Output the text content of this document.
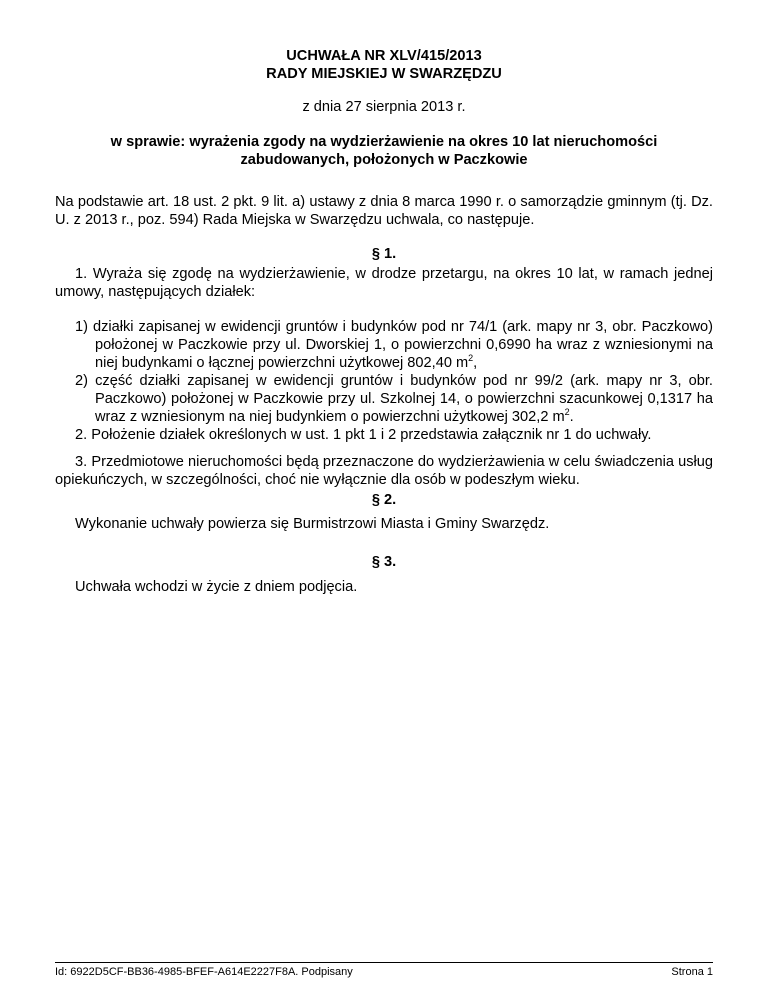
UCHWAŁA NR XLV/415/2013
RADY MIEJSKIEJ W SWARZĘDZU
z dnia 27 sierpnia 2013 r.
w sprawie: wyrażenia zgody na wydzierżawienie na okres 10 lat nieruchomości
zabudowanych, położonych w Paczkowie
Na podstawie art. 18 ust. 2 pkt. 9 lit. a) ustawy z dnia 8 marca 1990 r. o samorządzie gminnym (tj. Dz. U. z 2013 r., poz. 594) Rada Miejska w Swarzędzu uchwala, co następuje.
§ 1.
1. Wyraża się zgodę na wydzierżawienie, w drodze przetargu, na okres 10 lat, w ramach jednej umowy, następujących działek:
1) działki zapisanej w ewidencji gruntów i budynków pod nr 74/1 (ark. mapy nr 3, obr. Paczkowo) położonej w Paczkowie przy ul. Dworskiej 1, o powierzchni 0,6990 ha wraz z wzniesionymi na niej budynkami o łącznej powierzchni użytkowej 802,40 $m^2$,
2) część działki zapisanej w ewidencji gruntów i budynków pod nr 99/2 (ark. mapy nr 3, obr. Paczkowo) położonej w Paczkowie przy ul. Szkolnej 14, o powierzchni szacunkowej 0,1317 ha wraz z wzniesionym na niej budynkiem o powierzchni użytkowej 302,2 $m^2$.
2. Położenie działek określonych w ust. 1 pkt 1 i 2 przedstawia załącznik nr 1 do uchwały.
3. Przedmiotowe nieruchomości będą przeznaczone do wydzierżawienia w celu świadczenia usług opiekuńczych, w szczególności, choć nie wyłącznie dla osób w podeszłym wieku.
§ 2.
Wykonanie uchwały powierza się Burmistrzowi Miasta i Gminy Swarzędz.
§ 3.
Uchwała wchodzi w życie z dniem podjęcia.
Id: 6922D5CF-BB36-4985-BFEF-A614E2227F8A. Podpisany	Strona 1
